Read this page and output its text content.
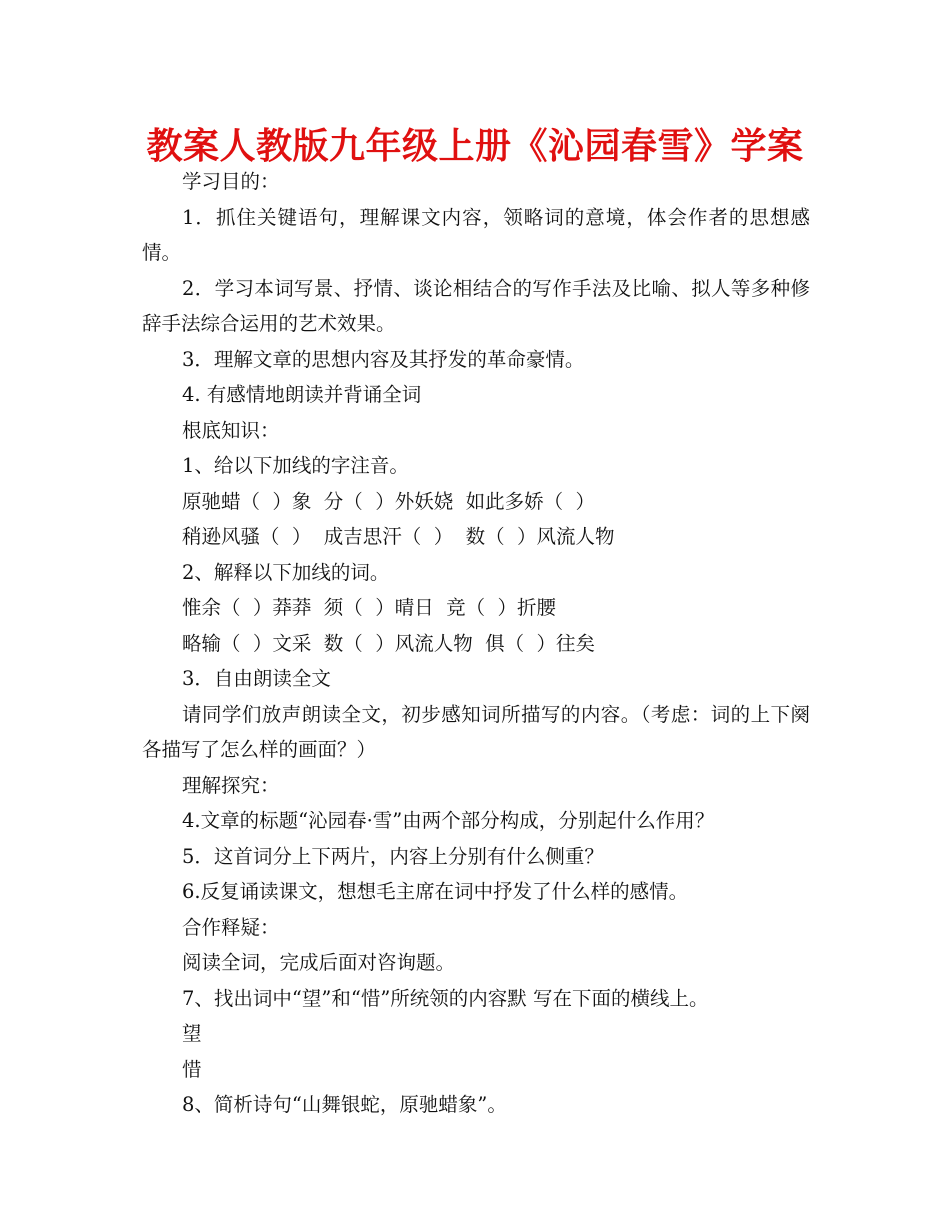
教案人教版九年级上册《沁园春雪》学案

学习目的：

1．抓住关键语句，理解课文内容，领略词的意境，体会作者的思想感情。

2．学习本词写景、抒情、谈论相结合的写作手法及比喻、拟人等多种修辞手法综合运用的艺术效果。

3．理解文章的思想内容及其抒发的革命豪情。

4. 有感情地朗读并背诵全词

根底知识：

1、给以下加线的字注音。

原驰蜡（  ）象  分（  ）外妖娆  如此多娇（  ）

稍逊风骚（  ）  成吉思汗（  ）  数（  ）风流人物

2、解释以下加线的词。

惟余（  ）莽莽  须（  ）晴日  竞（  ）折腰

略输（  ）文采  数（  ）风流人物  俱（  ）往矣

3．自由朗读全文

请同学们放声朗读全文，初步感知词所描写的内容。（考虑：词的上下阕各描写了怎么样的画面？）

理解探究：

4.文章的标题“沁园春·雪”由两个部分构成，分别起什么作用？

5．这首词分上下两片，内容上分别有什么侧重？

6.反复诵读课文，想想毛主席在词中抒发了什么样的感情。

合作释疑：

阅读全词，完成后面对咨询题。

7、找出词中“望”和“惜”所统领的内容默 写在下面的横线上。

望

惜

8、简析诗句“山舞银蛇，原驰蜡象”。
